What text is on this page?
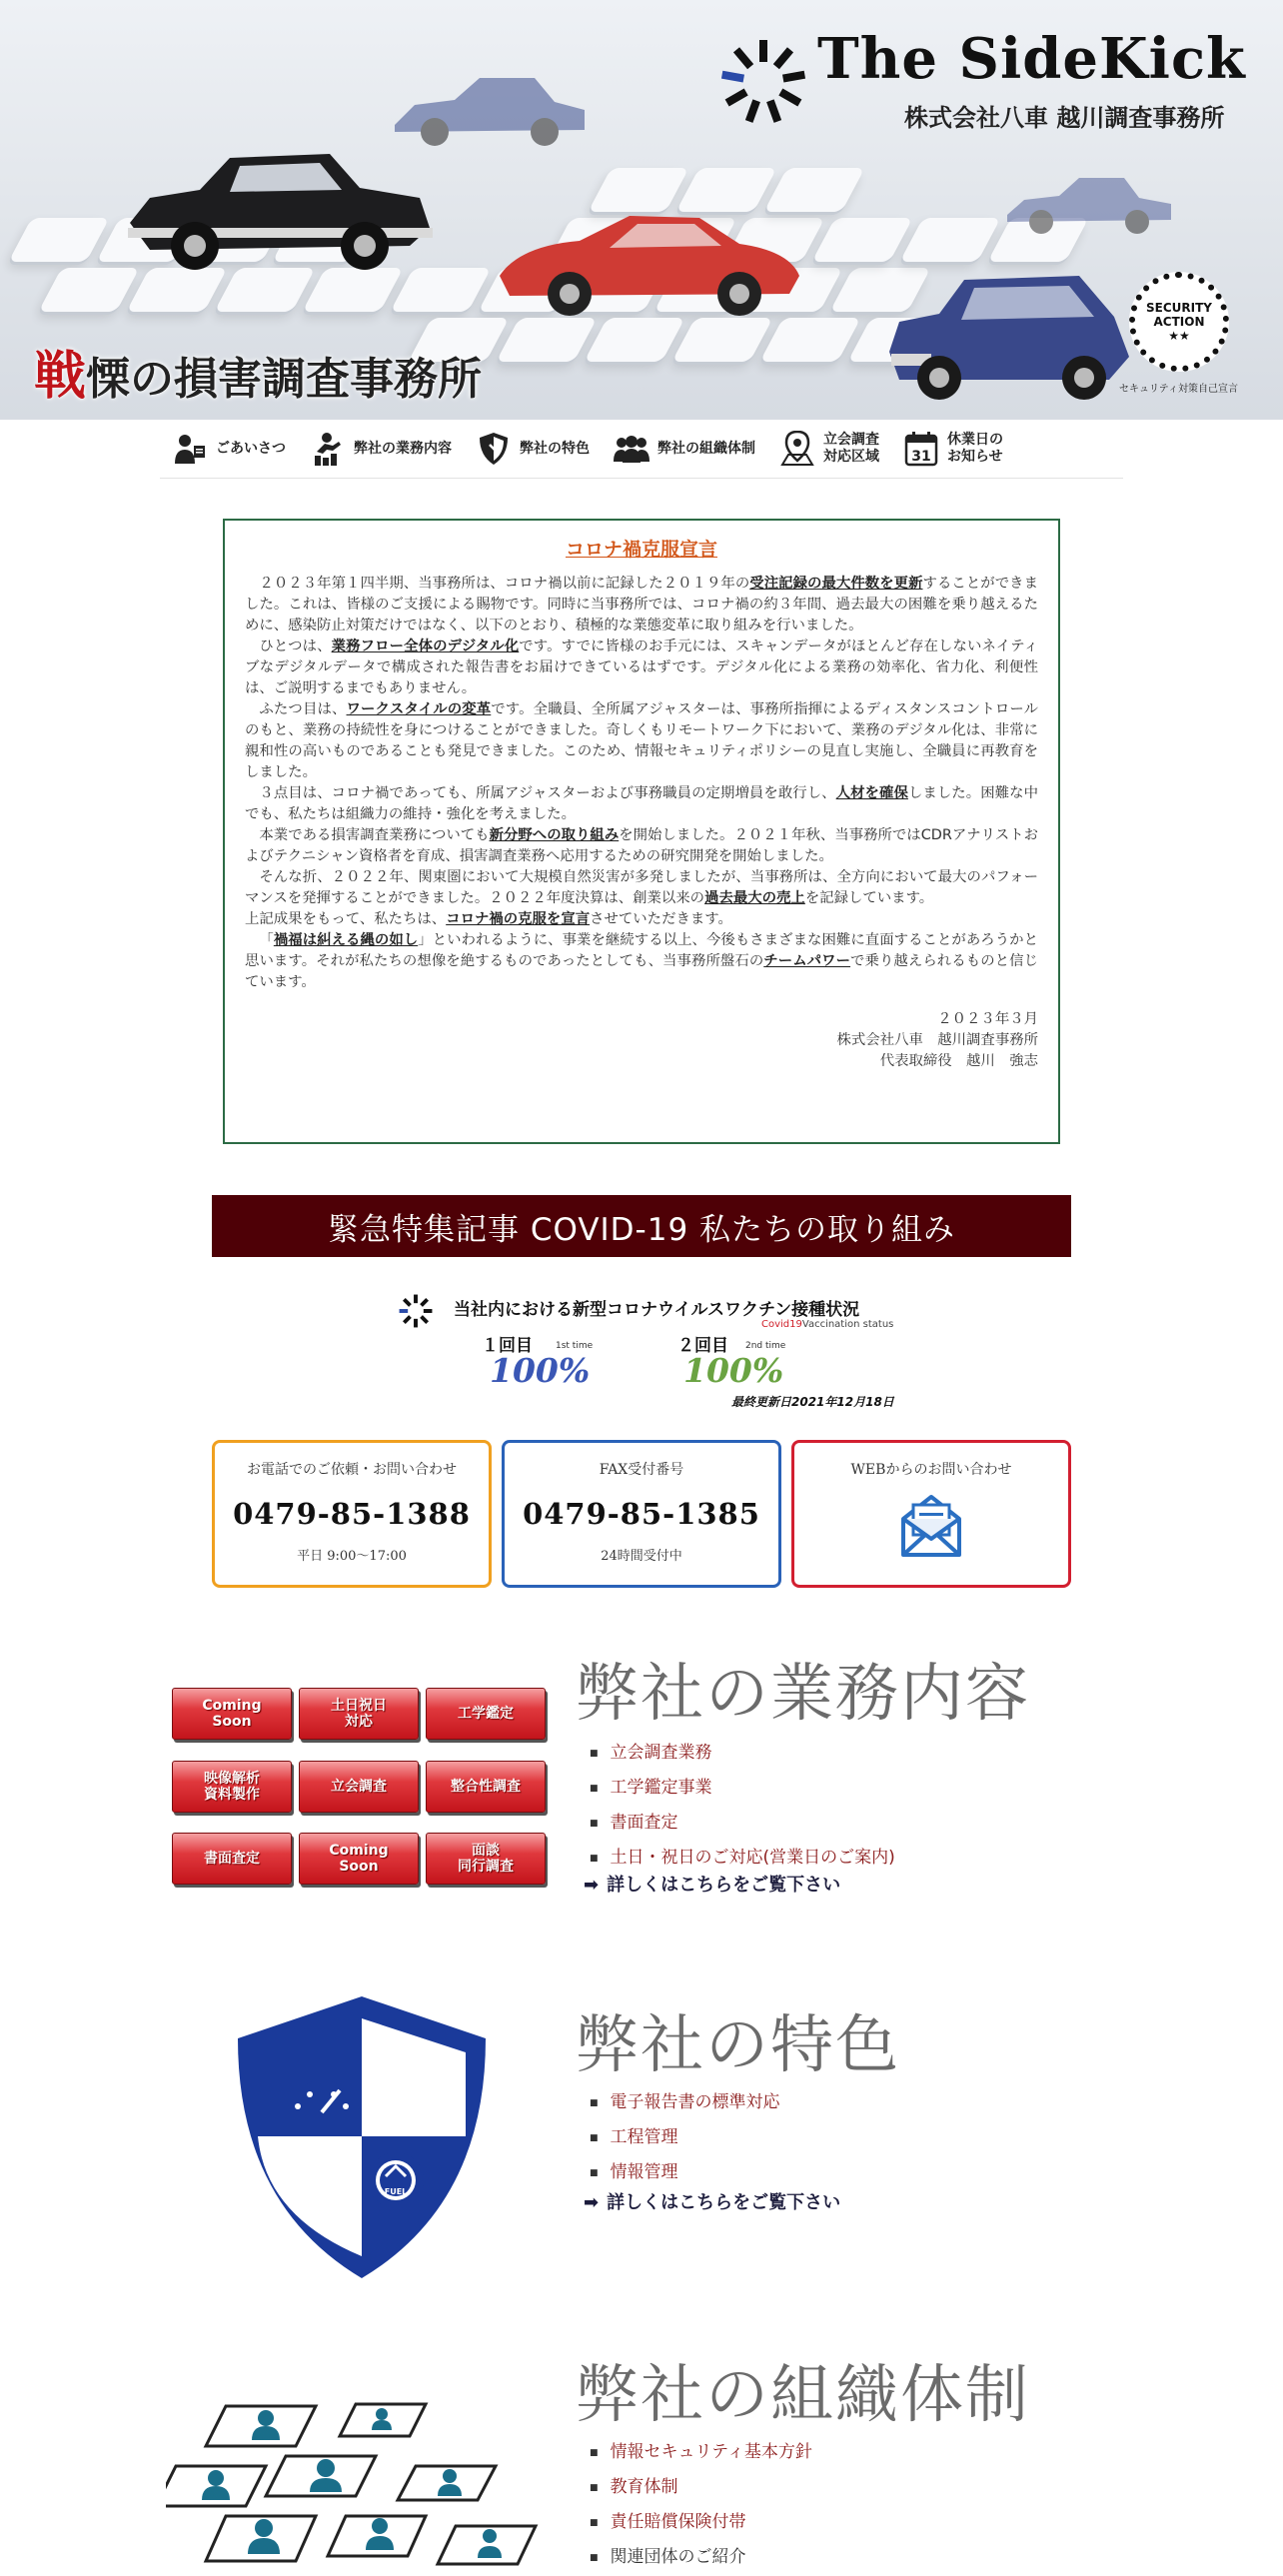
The SideKick
株式会社八車 越川調査事務所
戦慄の損害調査事務所
SECURITY
ACTION
★★
セキュリティ対策自己宣言
ごあいさつ	弊社の業務内容	弊社の特色	弊社の組織体制
立会調査
対応区域 31
休業日の
お知らせ
コロナ禍克服宣言

２０２３年第１四半期、当事務所は、コロナ禍以前に記録した２０１９年の受注記録の最大件数を更新することができました。これは、皆様のご支援による賜物です。同時に当事務所では、コロナ禍の約３年間、過去最大の困難を乗り越えるために、感染防止対策だけではなく、以下のとおり、積極的な業態変革に取り組みを行いました。

ひとつは、業務フロー全体のデジタル化です。すでに皆様のお手元には、スキャンデータがほとんど存在しないネイティブなデジタルデータで構成された報告書をお届けできているはずです。デジタル化による業務の効率化、省力化、利便性は、ご説明するまでもありません。

ふたつ目は、ワークスタイルの変革です。全職員、全所属アジャスターは、事務所指揮によるディスタンスコントロールのもと、業務の持続性を身につけることができました。奇しくもリモートワーク下において、業務のデジタル化は、非常に親和性の高いものであることも発見できました。このため、情報セキュリティポリシーの見直し実施し、全職員に再教育をしました。

３点目は、コロナ禍であっても、所属アジャスターおよび事務職員の定期増員を敢行し、人材を確保しました。困難な中でも、私たちは組織力の維持・強化を考えました。

本業である損害調査業務についても新分野への取り組みを開始しました。２０２１年秋、当事務所ではCDRアナリストおよびテクニシャン資格者を育成、損害調査業務へ応用するための研究開発を開始しました。

そんな折、２０２２年、関東圏において大規模自然災害が多発しましたが、当事務所は、全方向において最大のパフォーマンスを発揮することができました。２０２２年度決算は、創業以来の過去最大の売上を記録しています。

上記成果をもって、私たちは、コロナ禍の克服を宣言させていただきます。

「禍福は糾える縄の如し」といわれるように、事業を継続する以上、今後もさまざまな困難に直面することがあろうかと思います。それが私たちの想像を絶するものであったとしても、当事務所盤石のチームパワーで乗り越えられるものと信じています。

２０２３年３月
株式会社八車　越川調査事務所
代表取締役　越川　強志
緊急特集記事 COVID-19 私たちの取り組み
当社内における新型コロナウイルスワクチン接種状況
Covid19Vaccination status
１回目	1st time
100%
２回目 2nd time
100%
最終更新日2021年12月18日
お電話でのご依頼・お問い合わせ
0479-85-1388
平日 9:00〜17:00
FAX受付番号
0479-85-1385
24時間受付中
WEBからのお問い合わせ
Coming
Soon
土日祝日
対応	工学鑑定
映像解析
資料製作	立会調査	整合性調査
書面査定	Coming
Soon
面談
同行調査
弊社の業務内容
■ 立会調査業務
■ 工学鑑定事業
■ 書面査定
■ 土日・祝日のご対応(営業日のご案内)
➡ 詳しくはこちらをご覧下さい
FUEL
弊社の特色
■ 電子報告書の標準対応
■ 工程管理
■ 情報管理
➡ 詳しくはこちらをご覧下さい
弊社の組織体制
■ 情報セキュリティ基本方針
■ 教育体制
■ 責任賠償保険付帯
■ 関連団体のご紹介
